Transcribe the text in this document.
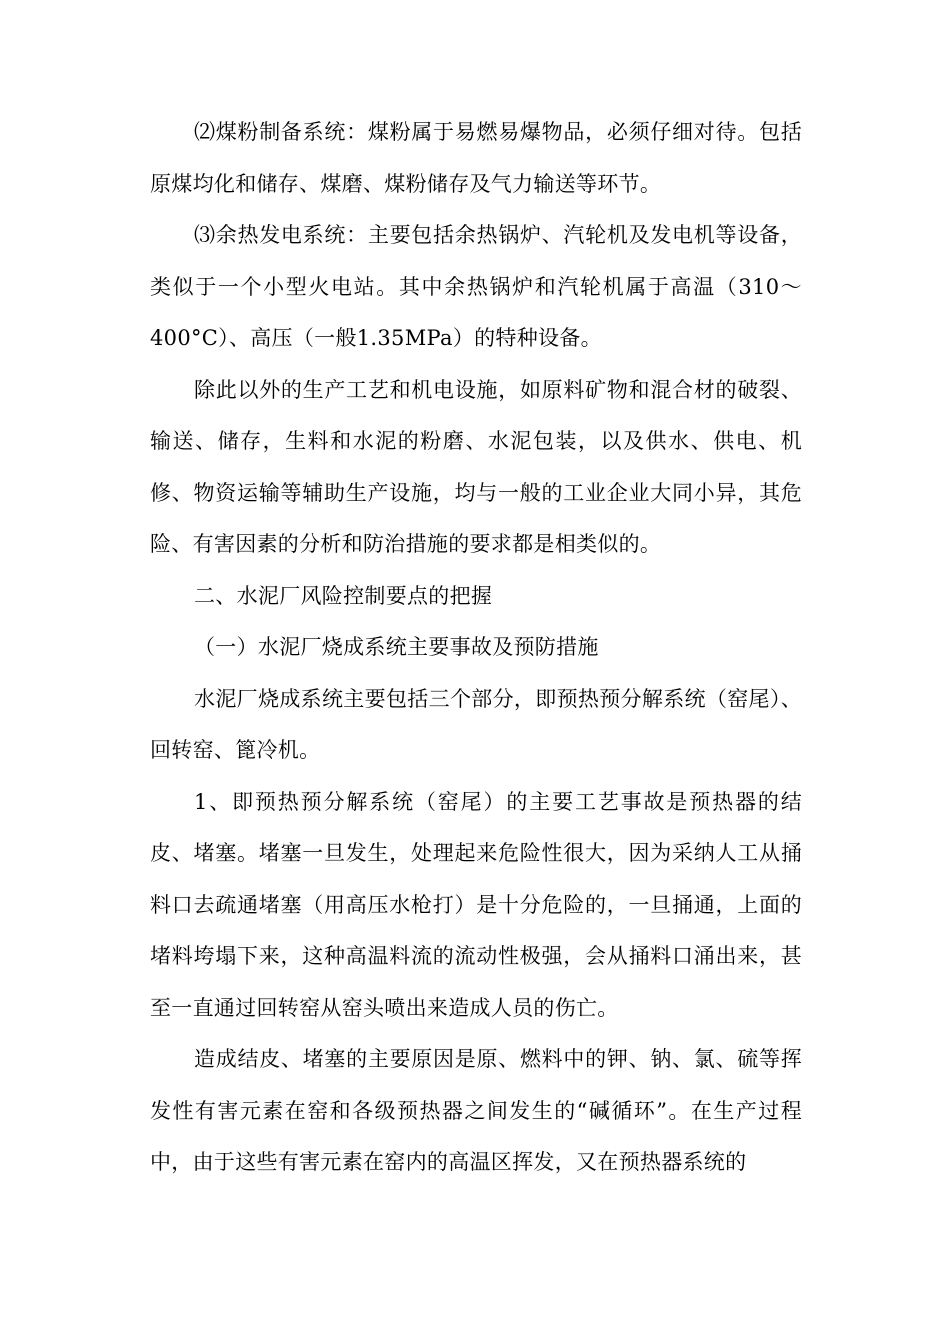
⑵煤粉制备系统：煤粉属于易燃易爆物品，必须仔细对待。包括原煤均化和储存、煤磨、煤粉储存及气力输送等环节。

⑶余热发电系统：主要包括余热锅炉、汽轮机及发电机等设备，类似于一个小型火电站。其中余热锅炉和汽轮机属于高温（310～400°C）、高压（一般1.35MPa）的特种设备。

除此以外的生产工艺和机电设施，如原料矿物和混合材的破裂、输送、储存，生料和水泥的粉磨、水泥包装，以及供水、供电、机修、物资运输等辅助生产设施，均与一般的工业企业大同小异，其危险、有害因素的分析和防治措施的要求都是相类似的。

二、水泥厂风险控制要点的把握

（一）水泥厂烧成系统主要事故及预防措施

水泥厂烧成系统主要包括三个部分，即预热预分解系统（窑尾）、回转窑、篦冷机。

1、即预热预分解系统（窑尾）的主要工艺事故是预热器的结皮、堵塞。堵塞一旦发生，处理起来危险性很大，因为采纳人工从捅料口去疏通堵塞（用高压水枪打）是十分危险的，一旦捅通，上面的堵料垮塌下来，这种高温料流的流动性极强，会从捅料口涌出来，甚至一直通过回转窑从窑头喷出来造成人员的伤亡。

造成结皮、堵塞的主要原因是原、燃料中的钾、钠、氯、硫等挥发性有害元素在窑和各级预热器之间发生的“碱循环”。在生产过程中，由于这些有害元素在窑内的高温区挥发，又在预热器系统的
